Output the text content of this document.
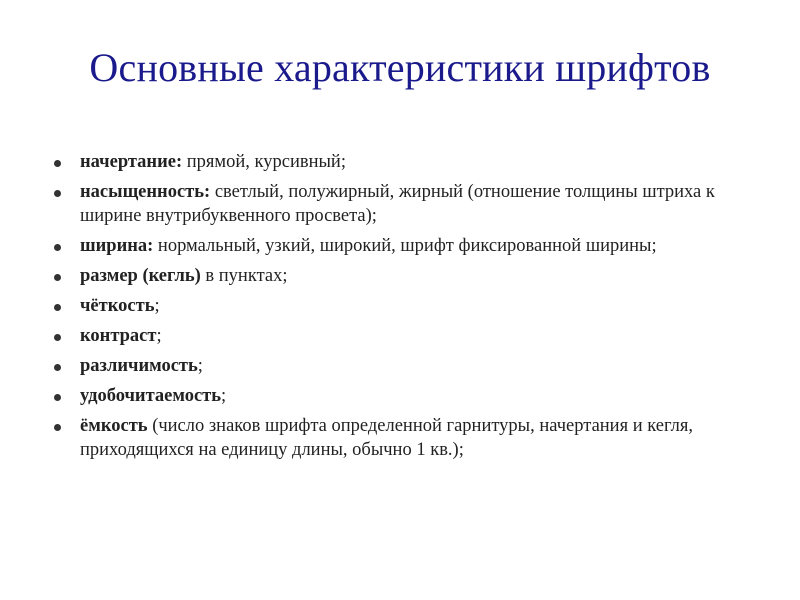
Основные характеристики шрифтов
начертание: прямой, курсивный;
насыщенность: светлый, полужирный, жирный (отношение толщины штриха к ширине внутрибуквенного просвета);
ширина: нормальный, узкий, широкий, шрифт фиксированной ширины;
размер (кегль) в пунктах;
чёткость;
контраст;
различимость;
удобочитаемость;
ёмкость (число знаков шрифта определенной гарнитуры, начертания и кегля, приходящихся на единицу длины, обычно 1 кв.);
